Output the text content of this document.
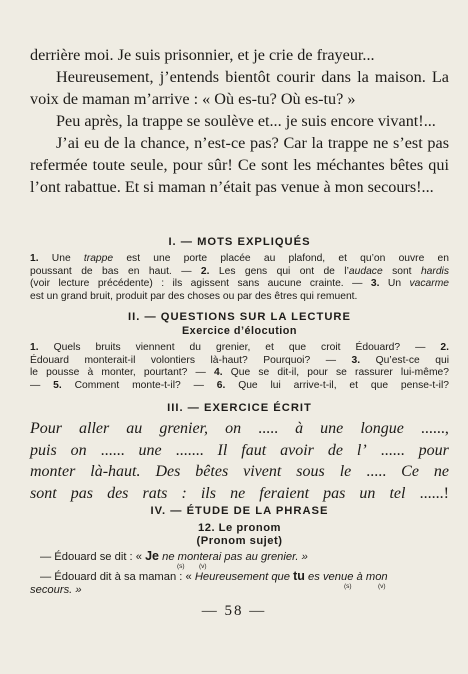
derrière moi. Je suis prisonnier, et je crie de frayeur...

Heureusement, j’entends bientôt courir dans la maison. La voix de maman m’arrive : « Où es-tu? Où es-tu? »

Peu après, la trappe se soulève et... je suis encore vivant!...

J’ai eu de la chance, n’est-ce pas? Car la trappe ne s’est pas refermée toute seule, pour sûr! Ce sont les méchantes bêtes qui l’ont rabattue. Et si maman n’était pas venue à mon secours!...

I. — MOTS EXPLIQUÉS
1. Une trappe est une porte placée au plafond, et qu’on ouvre en
poussant de bas en haut. — 2. Les gens qui ont de l’audace sont hardis
(voir lecture précédente) : ils agissent sans aucune crainte. — 3. Un vacarme
est un grand bruit, produit par des choses ou par des êtres qui remuent.
II. — QUESTIONS SUR LA LECTURE
Exercice d’élocution
1. Quels bruits viennent du grenier, et que croit Édouard? — 2.
Édouard monterait-il volontiers là-haut? Pourquoi? — 3. Qu’est-ce qui
le pousse à monter, pourtant? — 4. Que se dit-il, pour se rassurer lui-même?
— 5. Comment monte-t-il? — 6. Que lui arrive-t-il, et que pense-t-il?
III. — EXERCICE ÉCRIT
Pour aller au grenier, on ..... à une longue ......,
puis on ...... une ....... Il faut avoir de l’ ...... pour
monter là-haut. Des bêtes vivent sous le ..... Ce ne
sont pas des rats : ils ne feraient pas un tel ......!
IV. — ÉTUDE DE LA PHRASE
12. Le pronom
(Pronom sujet)
— Édouard se dit : « Je ne monterai pas au grenier. »
(s) (v)
— Édouard dit à sa maman : « Heureusement que tu es venue à mon
secours. »	(s)	(v)
— 58 —
